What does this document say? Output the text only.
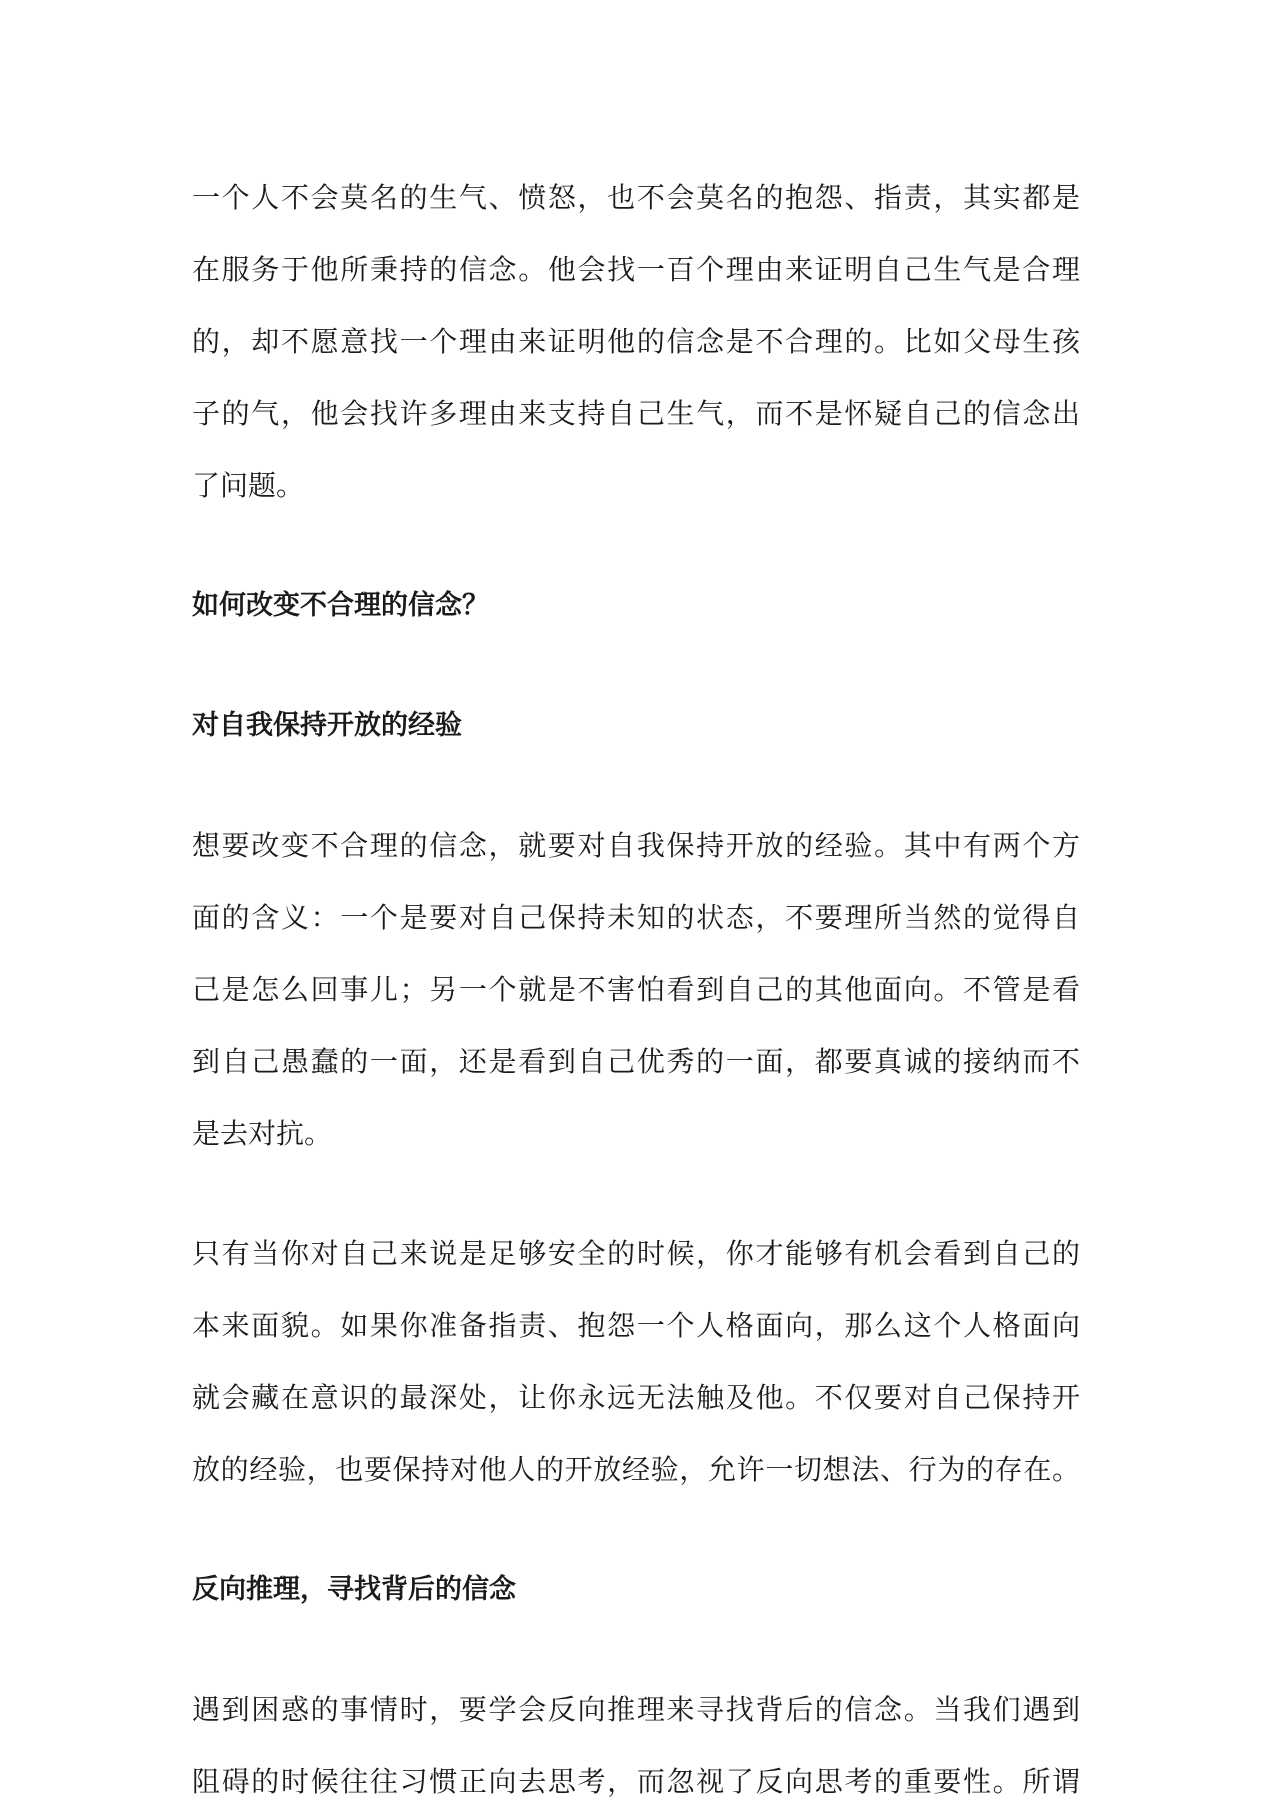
一个人不会莫名的生气、愤怒，也不会莫名的抱怨、指责，其实都是
在服务于他所秉持的信念。他会找一百个理由来证明自己生气是合理
的，却不愿意找一个理由来证明他的信念是不合理的。比如父母生孩
子的气，他会找许多理由来支持自己生气，而不是怀疑自己的信念出
了问题。
如何改变不合理的信念？
对自我保持开放的经验
想要改变不合理的信念，就要对自我保持开放的经验。其中有两个方
面的含义：一个是要对自己保持未知的状态，不要理所当然的觉得自
己是怎么回事儿；另一个就是不害怕看到自己的其他面向。不管是看
到自己愚蠢的一面，还是看到自己优秀的一面，都要真诚的接纳而不
是去对抗。
只有当你对自己来说是足够安全的时候，你才能够有机会看到自己的
本来面貌。如果你准备指责、抱怨一个人格面向，那么这个人格面向
就会藏在意识的最深处，让你永远无法触及他。不仅要对自己保持开
放的经验，也要保持对他人的开放经验，允许一切想法、行为的存在。
反向推理，寻找背后的信念
遇到困惑的事情时，要学会反向推理来寻找背后的信念。当我们遇到
阻碍的时候往往习惯正向去思考，而忽视了反向思考的重要性。所谓
